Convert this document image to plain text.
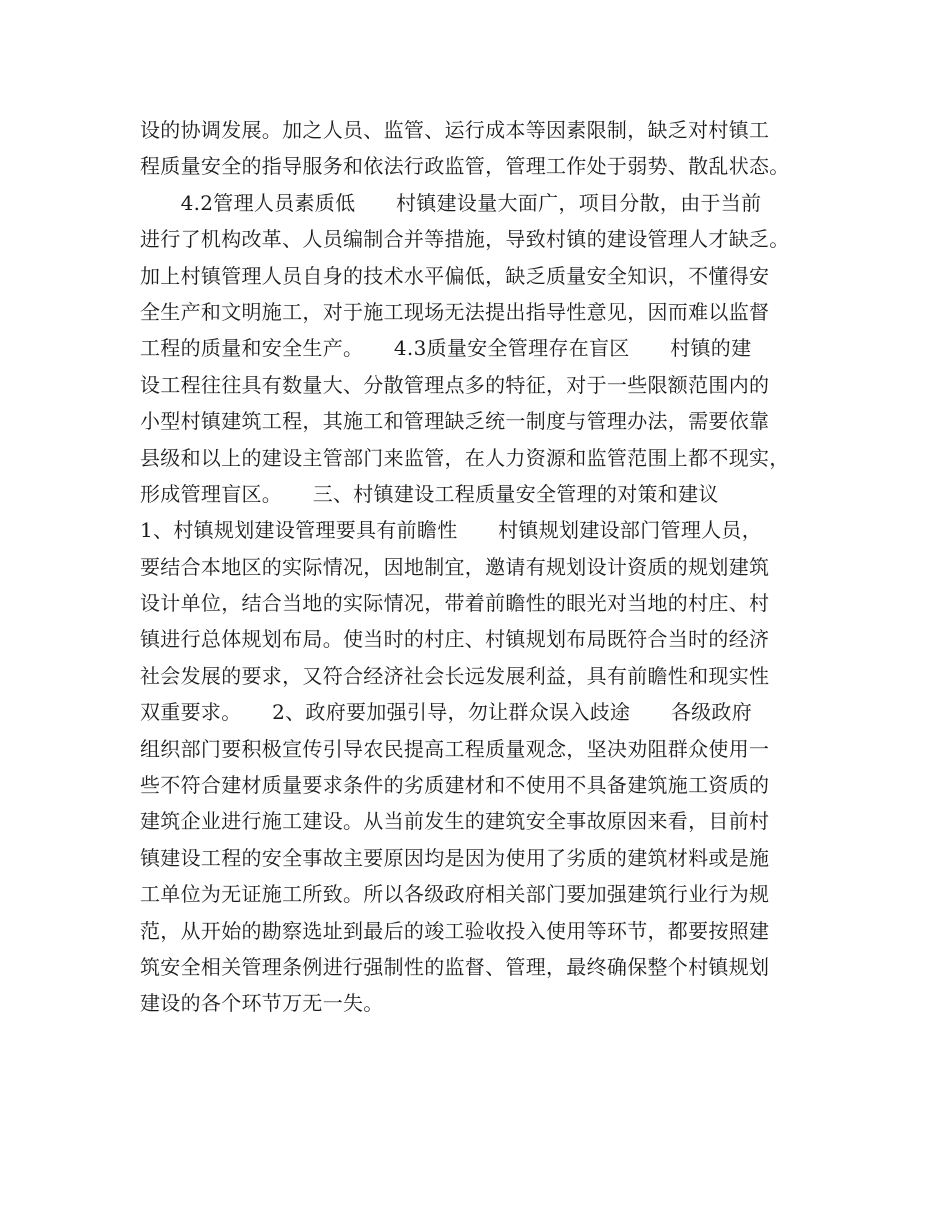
设的协调发展。加之人员、监管、运行成本等因素限制，缺乏对村镇工
程质量安全的指导服务和依法行政监管，管理工作处于弱势、散乱状态。
　　4.2管理人员素质低　　村镇建设量大面广，项目分散，由于当前
进行了机构改革、人员编制合并等措施，导致村镇的建设管理人才缺乏。
加上村镇管理人员自身的技术水平偏低，缺乏质量安全知识，不懂得安
全生产和文明施工，对于施工现场无法提出指导性意见，因而难以监督
工程的质量和安全生产。　　4.3质量安全管理存在盲区　　村镇的建
设工程往往具有数量大、分散管理点多的特征，对于一些限额范围内的
小型村镇建筑工程，其施工和管理缺乏统一制度与管理办法，需要依靠
县级和以上的建设主管部门来监管，在人力资源和监管范围上都不现实，
形成管理盲区。　　三、村镇建设工程质量安全管理的对策和建议
1、村镇规划建设管理要具有前瞻性　　村镇规划建设部门管理人员，
要结合本地区的实际情况，因地制宜，邀请有规划设计资质的规划建筑
设计单位，结合当地的实际情况，带着前瞻性的眼光对当地的村庄、村
镇进行总体规划布局。使当时的村庄、村镇规划布局既符合当时的经济
社会发展的要求，又符合经济社会长远发展利益，具有前瞻性和现实性
双重要求。　　2、政府要加强引导，勿让群众误入歧途　　各级政府
组织部门要积极宣传引导农民提高工程质量观念，坚决劝阻群众使用一
些不符合建材质量要求条件的劣质建材和不使用不具备建筑施工资质的
建筑企业进行施工建设。从当前发生的建筑安全事故原因来看，目前村
镇建设工程的安全事故主要原因均是因为使用了劣质的建筑材料或是施
工单位为无证施工所致。所以各级政府相关部门要加强建筑行业行为规
范，从开始的勘察选址到最后的竣工验收投入使用等环节，都要按照建
筑安全相关管理条例进行强制性的监督、管理，最终确保整个村镇规划
建设的各个环节万无一失。
